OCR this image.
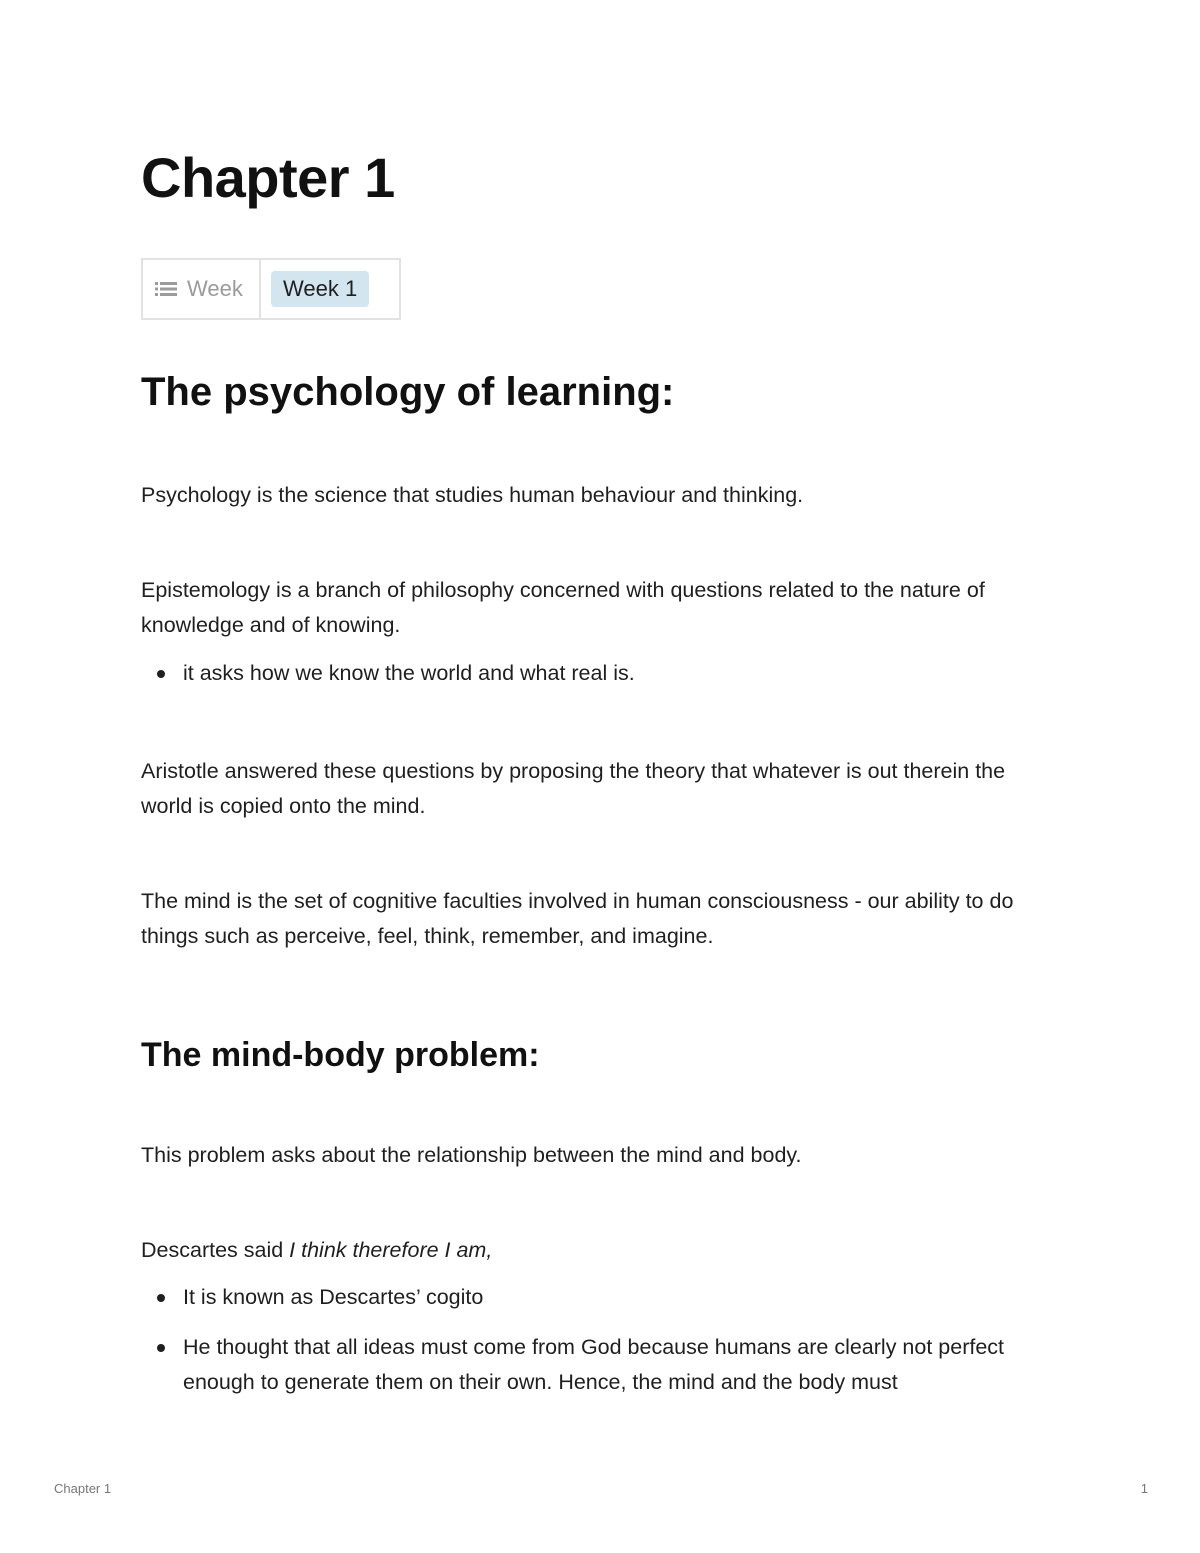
Chapter 1
Week	Week 1
The psychology of learning:

Psychology is the science that studies human behaviour and thinking.

Epistemology is a branch of philosophy concerned with questions related to the nature of knowledge and of knowing.

it asks how we know the world and what real is.

Aristotle answered these questions by proposing the theory that whatever is out therein the world is copied onto the mind.

The mind is the set of cognitive faculties involved in human consciousness - our ability to do things such as perceive, feel, think, remember, and imagine.

The mind-body problem:

This problem asks about the relationship between the mind and body.

Descartes said I think therefore I am,

It is known as Descartes’ cogito
He thought that all ideas must come from God because humans are clearly not perfect enough to generate them on their own. Hence, the mind and the body must
Chapter 1	1
